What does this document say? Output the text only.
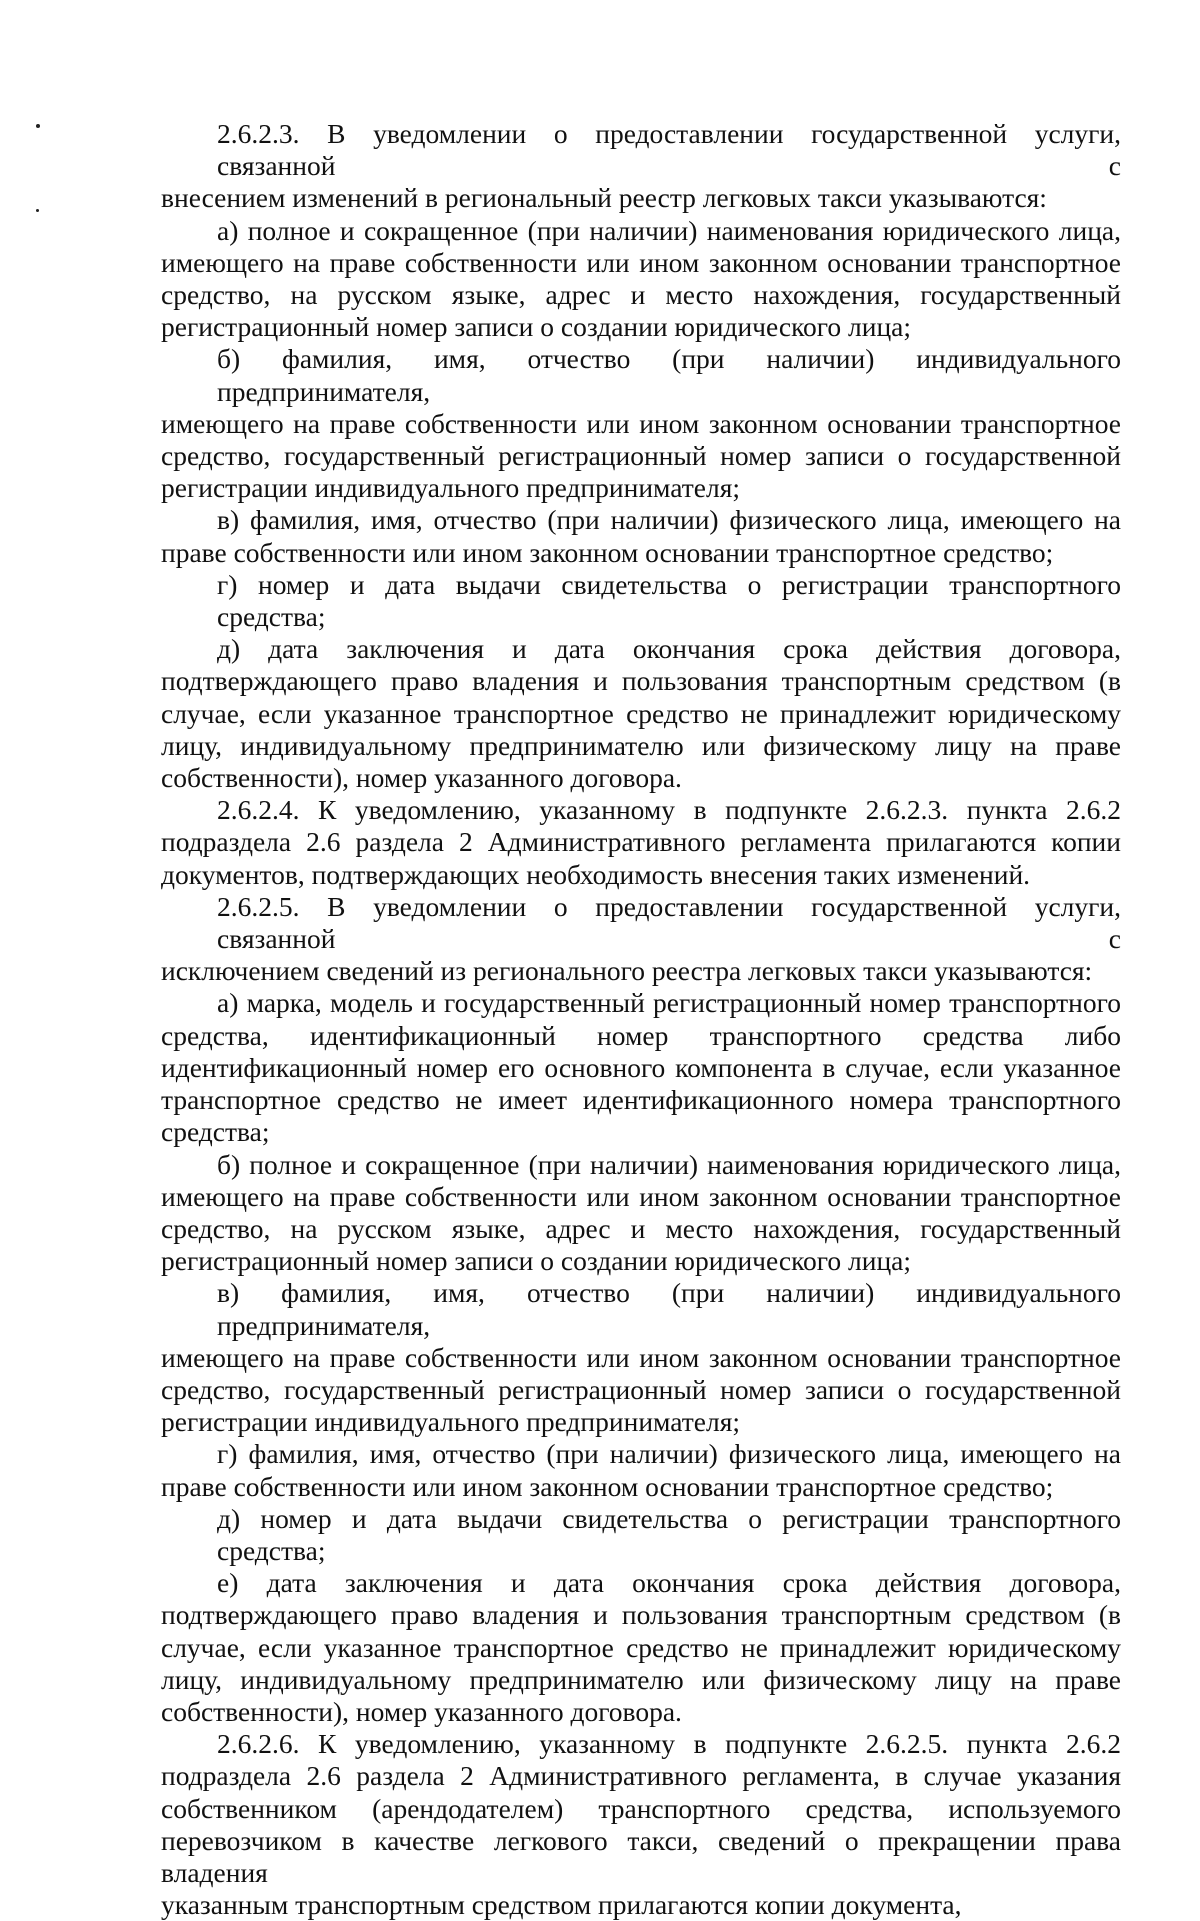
2.6.2.3. В уведомлении о предоставлении государственной услуги, связанной с
внесением изменений в региональный реестр легковых такси указываются:
а) полное и сокращенное (при наличии) наименования юридического лица,
имеющего на праве собственности или ином законном основании транспортное
средство, на русском языке, адрес и место нахождения, государственный
регистрационный номер записи о создании юридического лица;
б) фамилия, имя, отчество (при наличии) индивидуального предпринимателя,
имеющего на праве собственности или ином законном основании транспортное
средство, государственный регистрационный номер записи о государственной
регистрации индивидуального предпринимателя;
в) фамилия, имя, отчество (при наличии) физического лица, имеющего на
праве собственности или ином законном основании транспортное средство;
г) номер и дата выдачи свидетельства о регистрации транспортного средства;
д) дата заключения и дата окончания срока действия договора,
подтверждающего право владения и пользования транспортным средством (в
случае, если указанное транспортное средство не принадлежит юридическому
лицу, индивидуальному предпринимателю или физическому лицу на праве
собственности), номер указанного договора.
2.6.2.4. К уведомлению, указанному в подпункте 2.6.2.3. пункта 2.6.2
подраздела 2.6 раздела 2 Административного регламента прилагаются копии
документов, подтверждающих необходимость внесения таких изменений.
2.6.2.5. В уведомлении о предоставлении государственной услуги, связанной с
исключением сведений из регионального реестра легковых такси указываются:
а) марка, модель и государственный регистрационный номер транспортного
средства, идентификационный номер транспортного средства либо
идентификационный номер его основного компонента в случае, если указанное
транспортное средство не имеет идентификационного номера транспортного
средства;
б) полное и сокращенное (при наличии) наименования юридического лица,
имеющего на праве собственности или ином законном основании транспортное
средство, на русском языке, адрес и место нахождения, государственный
регистрационный номер записи о создании юридического лица;
в) фамилия, имя, отчество (при наличии) индивидуального предпринимателя,
имеющего на праве собственности или ином законном основании транспортное
средство, государственный регистрационный номер записи о государственной
регистрации индивидуального предпринимателя;
г) фамилия, имя, отчество (при наличии) физического лица, имеющего на
праве собственности или ином законном основании транспортное средство;
д) номер и дата выдачи свидетельства о регистрации транспортного средства;
е) дата заключения и дата окончания срока действия договора,
подтверждающего право владения и пользования транспортным средством (в
случае, если указанное транспортное средство не принадлежит юридическому
лицу, индивидуальному предпринимателю или физическому лицу на праве
собственности), номер указанного договора.
2.6.2.6. К уведомлению, указанному в подпункте 2.6.2.5. пункта 2.6.2
подраздела 2.6 раздела 2 Административного регламента, в случае указания
собственником (арендодателем) транспортного средства, используемого
перевозчиком в качестве легкового такси, сведений о прекращении права владения
указанным транспортным средством прилагаются копии документа,
